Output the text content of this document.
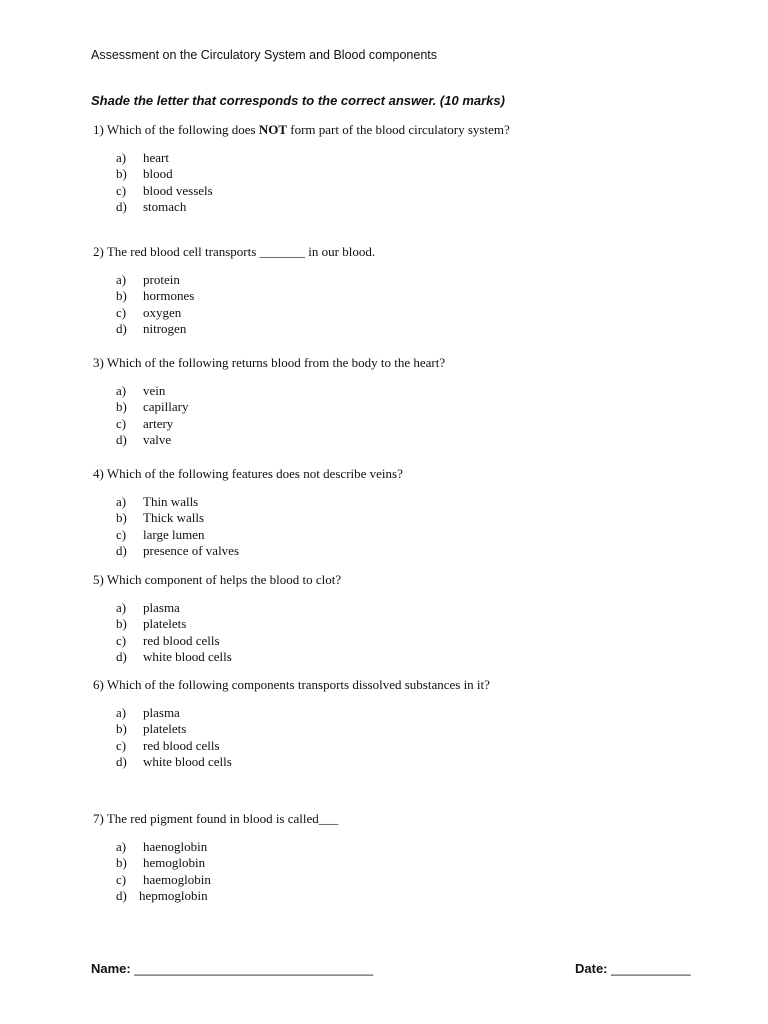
Assessment on the Circulatory System and Blood components
Shade the letter that corresponds to the correct answer. (10 marks)
1) Which of the following does NOT form part of the blood circulatory system?
a) heart
b) blood
c) blood vessels
d) stomach
2) The red blood cell transports _______ in our blood.
a) protein
b) hormones
c) oxygen
d) nitrogen
3) Which of the following returns blood from the body to the heart?
a) vein
b) capillary
c) artery
d) valve
4) Which of the following features does not describe veins?
a) Thin walls
b) Thick walls
c) large lumen
d) presence of valves
5) Which component of helps the blood to clot?
a) plasma
b) platelets
c) red blood cells
d) white blood cells
6) Which of the following components transports dissolved substances in it?
a) plasma
b) platelets
c) red blood cells
d) white blood cells
7) The red pigment found in blood is called___
a) haenoglobin
b) hemoglobin
c) haemoglobin
d) hepmoglobin
Name: _________________________________	Date: ___________
